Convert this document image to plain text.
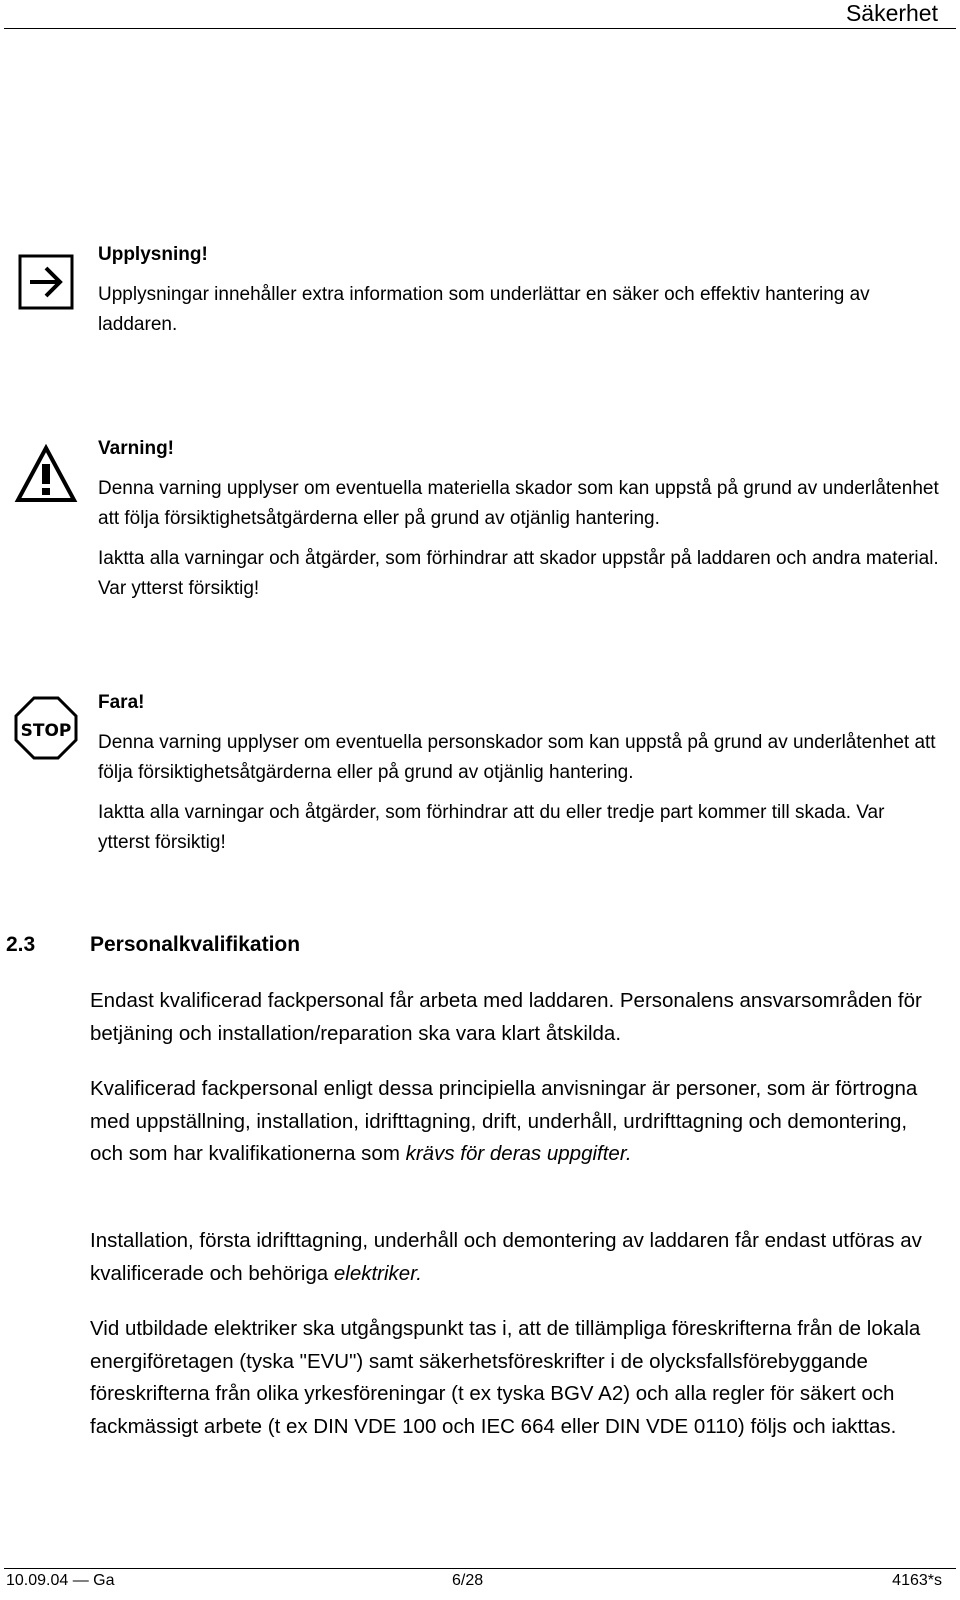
Säkerhet
Upplysning!

Upplysningar innehåller extra information som underlättar en säker och effektiv hantering av laddaren.

Varning!

Denna varning upplyser om eventuella materiella skador som kan uppstå på grund av underlåtenhet att följa försiktighetsåtgärderna eller på grund av otjänlig hantering.

Iaktta alla varningar och åtgärder, som förhindrar att skador uppstår på laddaren och andra material. Var ytterst försiktig!

STOP
Fara!

Denna varning upplyser om eventuella personskador som kan uppstå på grund av underlåtenhet att följa försiktighetsåtgärderna eller på grund av otjänlig hantering.

Iaktta alla varningar och åtgärder, som förhindrar att du eller tredje part kommer till skada. Var ytterst försiktig!

2.3	Personalkvalifikation

Endast kvalificerad fackpersonal får arbeta med laddaren. Personalens ansvarsområden för betjäning och installation/reparation ska vara klart åtskilda.

Kvalificerad fackpersonal enligt dessa principiella anvisningar är personer, som är förtrogna med uppställning, installation, idrifttagning, drift, underhåll, urdrifttagning och demontering, och som har kvalifikationerna som krävs för deras uppgifter.

Installation, första idrifttagning, underhåll och demontering av laddaren får endast utföras av kvalificerade och behöriga elektriker.

Vid utbildade elektriker ska utgångspunkt tas i, att de tillämpliga föreskrifterna från de lokala energiföretagen (tyska "EVU") samt säkerhetsföreskrifter i de olycksfallsförebyggande föreskrifterna från olika yrkesföreningar (t ex tyska BGV A2) och alla regler för säkert och fackmässigt arbete (t ex DIN VDE 100 och IEC 664 eller DIN VDE 0110) följs och iakttas.

10.09.04 — Ga	6/28	4163*s
